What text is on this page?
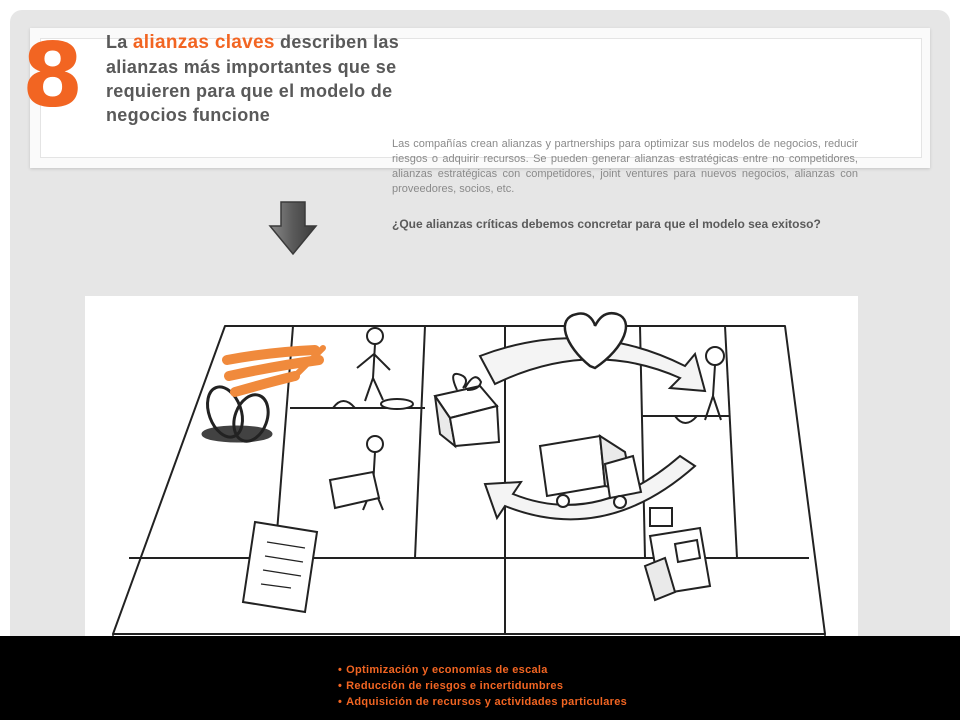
8 La alianzas claves describen las alianzas más importantes que se requieren para que el modelo de negocios funcione
Las compañías crean alianzas y partnerships para optimizar sus modelos de negocios, reducir riesgos o adquirir recursos. Se pueden generar alianzas estratégicas entre no competidores, alianzas estratégicas con competidores, joint ventures para nuevos negocios, alianzas con proveedores, socios, etc.
¿Que alianzas críticas debemos concretar para que el modelo sea exitoso?
• Optimización y economías de escala
• Reducción de riesgos e incertidumbres
• Adquisición de recursos y actividades particulares
